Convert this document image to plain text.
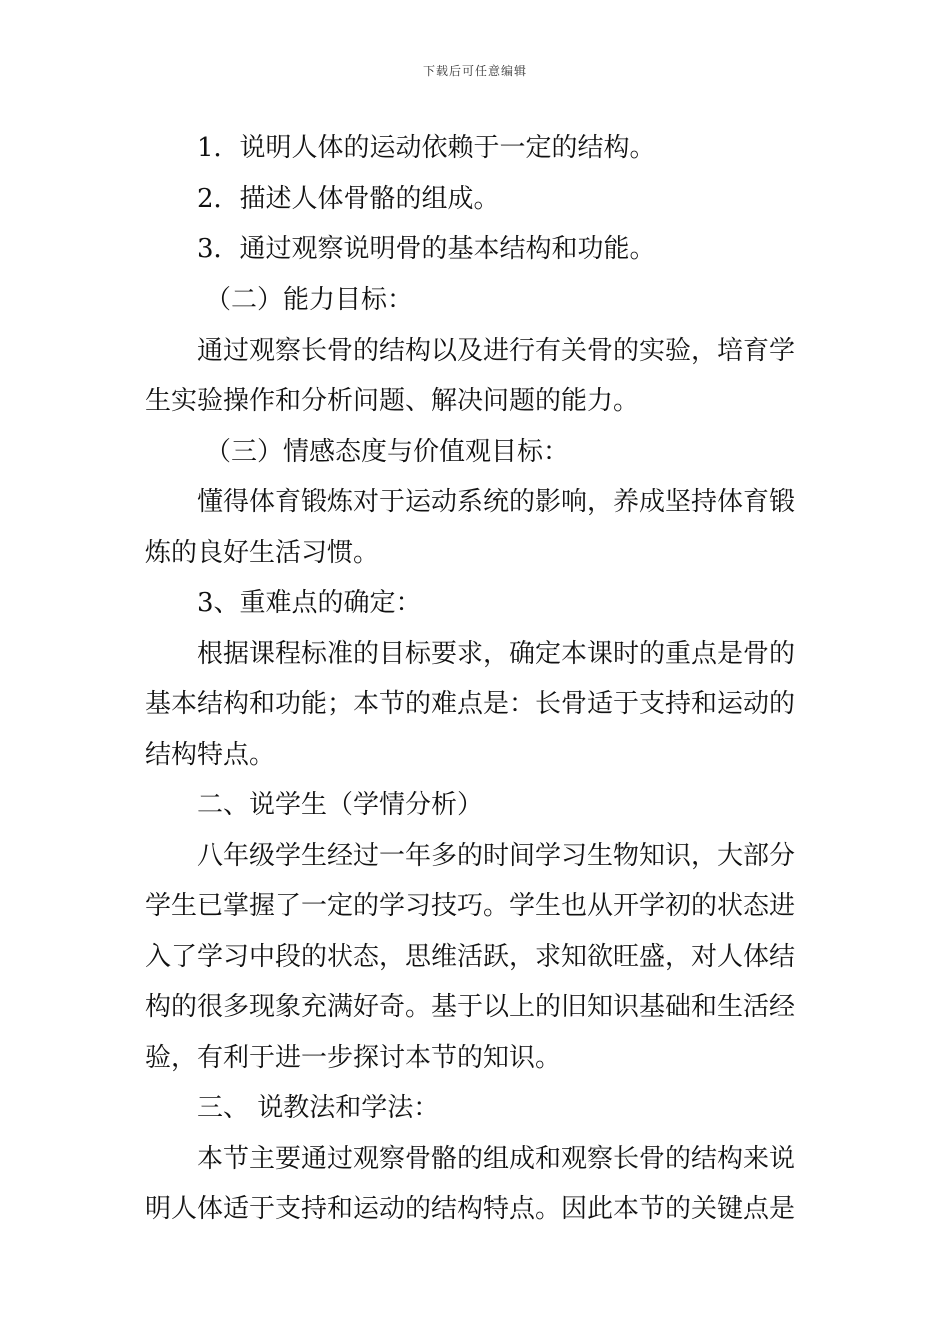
下载后可任意编辑
1．说明人体的运动依赖于一定的结构。
2．描述人体骨骼的组成。
3．通过观察说明骨的基本结构和功能。
（二）能力目标：
通过观察长骨的结构以及进行有关骨的实验，培育学
生实验操作和分析问题、解决问题的能力。
（三）情感态度与价值观目标：
懂得体育锻炼对于运动系统的影响，养成坚持体育锻
炼的良好生活习惯。
3、重难点的确定：
根据课程标准的目标要求，确定本课时的重点是骨的
基本结构和功能；本节的难点是：长骨适于支持和运动的
结构特点。
二、说学生（学情分析）
八年级学生经过一年多的时间学习生物知识，大部分
学生已掌握了一定的学习技巧。学生也从开学初的状态进
入了学习中段的状态，思维活跃，求知欲旺盛，对人体结
构的很多现象充满好奇。基于以上的旧知识基础和生活经
验，有利于进一步探讨本节的知识。
三、 说教法和学法：
本节主要通过观察骨骼的组成和观察长骨的结构来说
明人体适于支持和运动的结构特点。因此本节的关键点是
